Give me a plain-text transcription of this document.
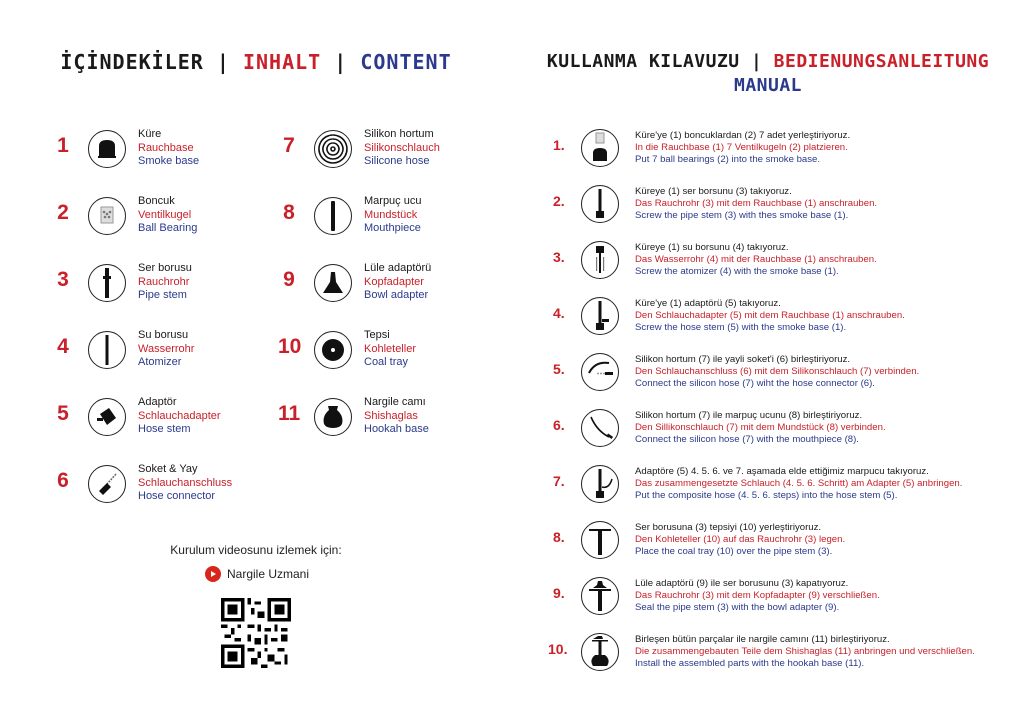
İÇİNDEKİLER | INHALT | CONTENT
1	Küre
Rauchbase
Smoke base
2	Boncuk
Ventilkugel
Ball Bearing
3	Ser borusu
Rauchrohr
Pipe stem
4	Su borusu
Wasserrohr
Atomizer
5	Adaptör
Schlauchadapter
Hose stem
6	Soket & Yay
Schlauchanschluss
Hose connector
7	Silikon hortum
Silikonschlauch
Silicone hose
8	Marpuç ucu
Mundstück
Mouthpiece
9	Lüle adaptörü
Kopfadapter
Bowl adapter
10	Tepsi
Kohleteller
Coal tray
11	Nargile camı
Shishaglas
Hookah base
Kurulum videosunu izlemek için:
Nargile Uzmani
KULLANMA KILAVUZU | BEDIENUNGSANLEITUNG
MANUAL
1.
Küre'ye (1) boncuklardan (2) 7 adet yerleştiriyoruz.
In die Rauchbase (1) 7 Ventilkugeln (2) platzieren.
Put 7 ball bearings (2) into the smoke base.
2.
Küreye (1) ser borsunu (3) takıyoruz.
Das Rauchrohr (3) mit dem Rauchbase (1) anschrauben.
Screw the pipe stem (3) with thes smoke base (1).
3.
Küreye (1) su borsunu (4) takıyoruz.
Das Wasserrohr (4) mit der Rauchbase (1) anschrauben.
Screw the atomizer (4) with the smoke base (1).
4.
Küre'ye (1) adaptörü (5) takıyoruz.
Den Schlauchadapter (5) mit dem Rauchbase (1) anschrauben.
Screw the hose stem (5) with the smoke base (1).
5.
Silikon hortum (7) ile yayli soket'i (6) birleştiriyoruz.
Den Schlauchanschluss (6) mit dem Silikonschlauch (7) verbinden.
Connect the silicon hose (7) wiht the hose connector (6).
6.
Silikon hortum (7) ile marpuç ucunu (8) birleştiriyoruz.
Den Sillikonschlauch (7) mit dem Mundstück (8) verbinden.
Connect the silicon hose (7) with the mouthpiece (8).
7.
Adaptöre (5) 4. 5. 6. ve 7. aşamada elde ettiğimiz marpucu takıyoruz.
Das zusammengesetzte Schlauch (4. 5. 6. Schritt) am Adapter (5) anbringen.
Put the composite hose (4. 5. 6. steps) into the hose stem (5).
8.
Ser borusuna (3) tepsiyi (10) yerleştiriyoruz.
Den Kohleteller (10) auf das Rauchrohr (3) legen.
Place the coal tray (10) over the pipe stem (3).
9.
Lüle adaptörü (9) ile ser borusunu (3) kapatıyoruz.
Das Rauchrohr (3) mit dem Kopfadapter (9) verschließen.
Seal the pipe stem (3) with the bowl adapter (9).
10.
Birleşen bütün parçalar ile nargile camını (11) birleştiriyoruz.
Die zusammengebauten Teile dem Shishaglas (11) anbringen und verschließen.
Install the assembled parts with the hookah base (11).
